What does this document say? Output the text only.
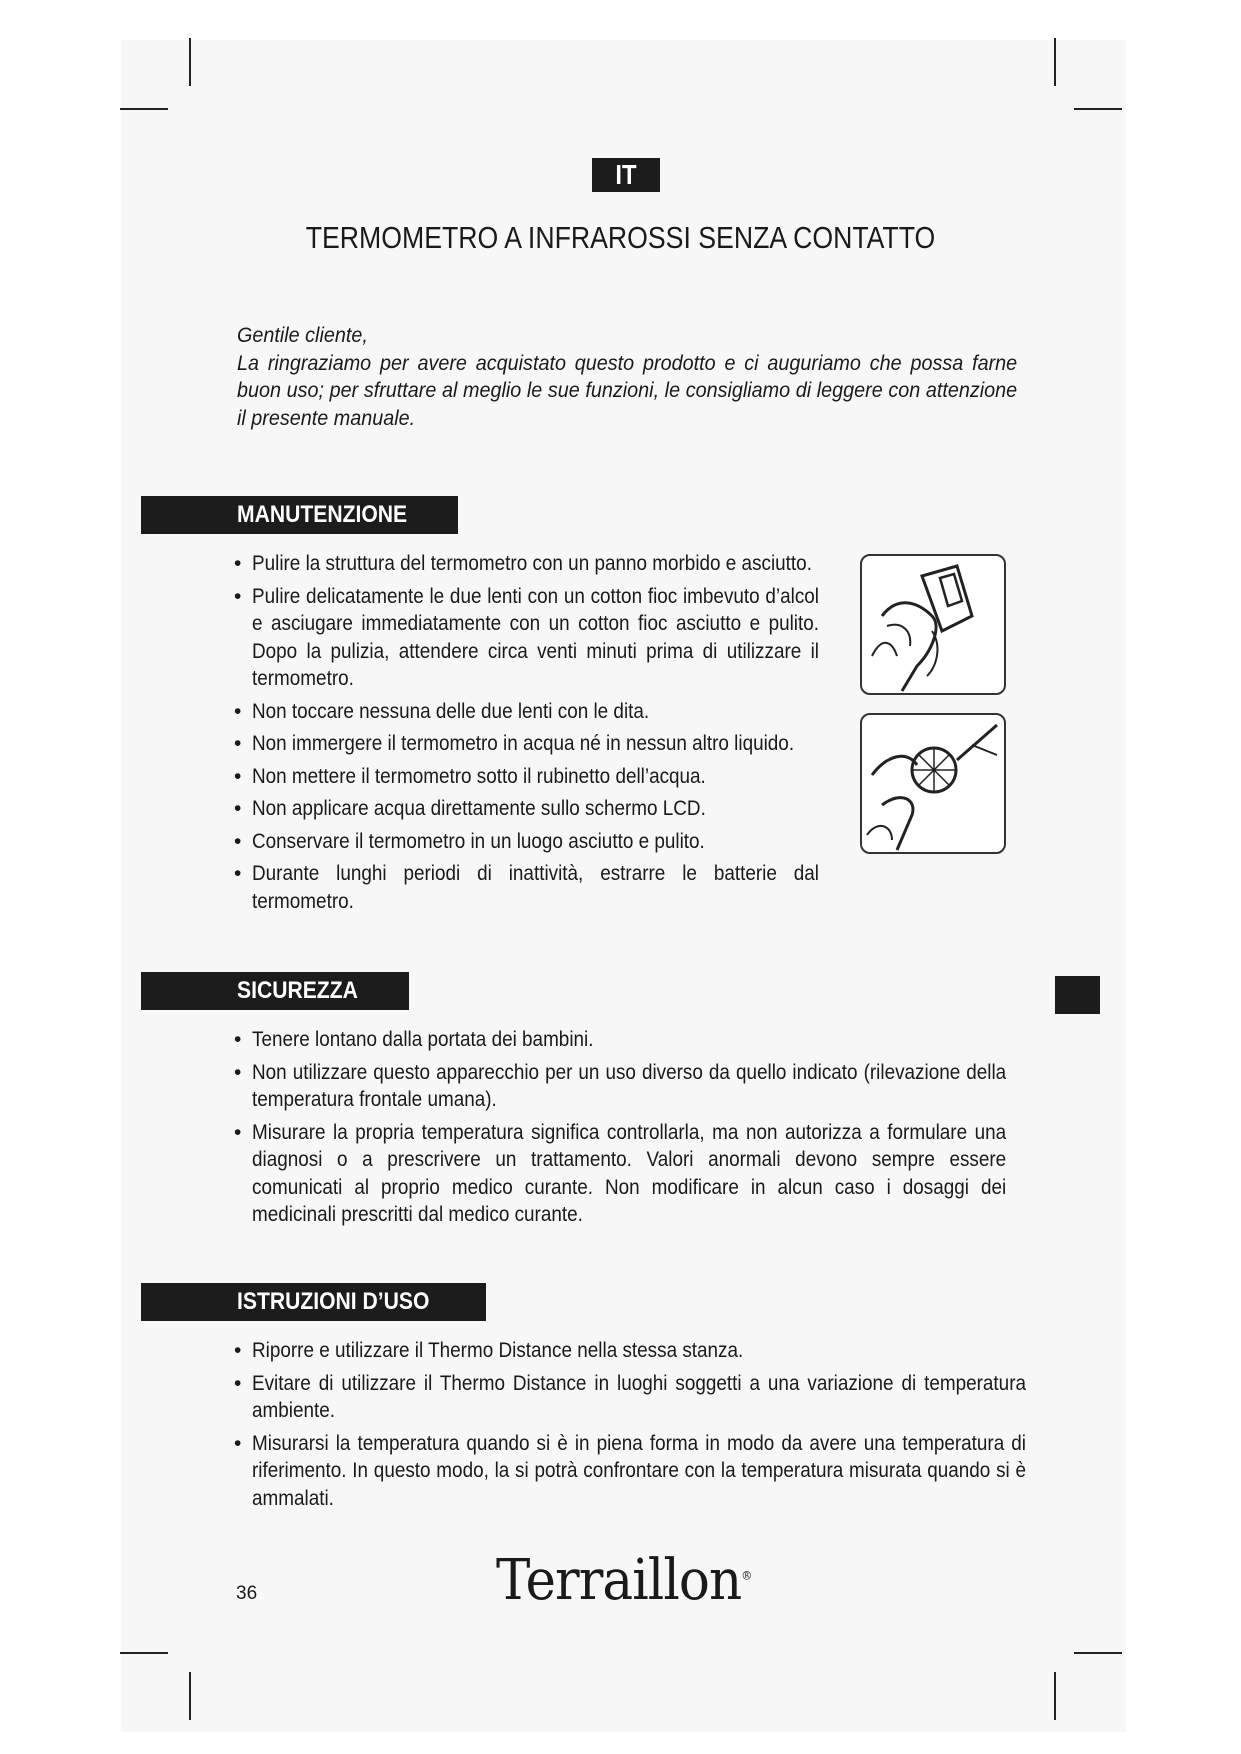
IT
TERMOMETRO A INFRAROSSI SENZA CONTATTO

Gentile cliente,

La ringraziamo per avere acquistato questo prodotto e ci auguriamo che possa farne buon uso; per sfruttare al meglio le sue funzioni, le consigliamo di leggere con attenzione il presente manuale.

MANUTENZIONE
• Pulire la struttura del termometro con un panno morbido e asciutto.
• Pulire delicatamente le due lenti con un cotton fioc imbevuto d’alcol e asciugare immediatamente con un cotton fioc asciutto e pulito. Dopo la pulizia, attendere circa venti minuti prima di utilizzare il termometro.
• Non toccare nessuna delle due lenti con le dita.
• Non immergere il termometro in acqua né in nessun altro liquido.
• Non mettere il termometro sotto il rubinetto dell’acqua.
• Non applicare acqua direttamente sullo schermo LCD.
• Conservare il termometro in un luogo asciutto e pulito.
• Durante lunghi periodi di inattività, estrarre le batterie dal termometro.
SICUREZZA
• Tenere lontano dalla portata dei bambini.
• Non utilizzare questo apparecchio per un uso diverso da quello indicato (rilevazione della temperatura frontale umana).
• Misurare la propria temperatura significa controllarla, ma non autorizza a formulare una diagnosi o a prescrivere un trattamento. Valori anormali devono sempre essere comunicati al proprio medico curante. Non modificare in alcun caso i dosaggi dei medicinali prescritti dal medico curante.
ISTRUZIONI D’USO
• Riporre e utilizzare il Thermo Distance nella stessa stanza.
• Evitare di utilizzare il Thermo Distance in luoghi soggetti a una variazione di temperatura ambiente.
• Misurarsi la temperatura quando si è in piena forma in modo da avere una temperatura di riferimento. In questo modo, la si potrà confrontare con la temperatura misurata quando si è ammalati.
36	Terraillon®
